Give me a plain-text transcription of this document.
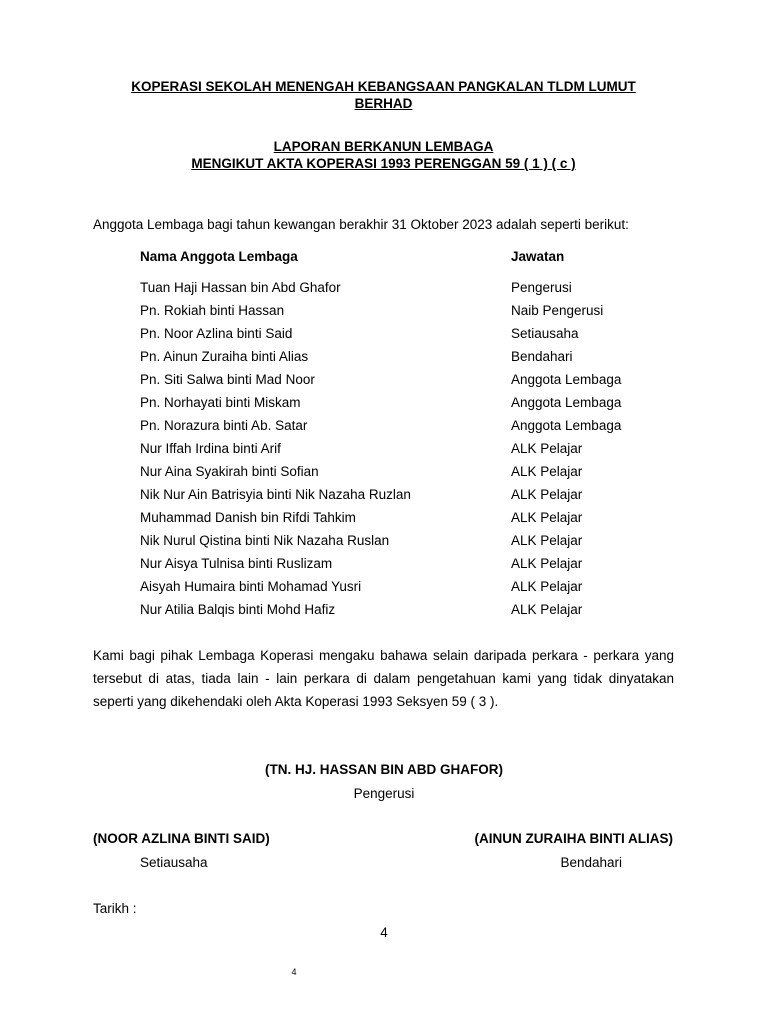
KOPERASI SEKOLAH MENENGAH KEBANGSAAN PANGKALAN TLDM LUMUT
BERHAD
LAPORAN BERKANUN LEMBAGA
MENGIKUT AKTA KOPERASI 1993 PERENGGAN 59 ( 1 ) ( c )

Anggota Lembaga bagi tahun kewangan berakhir 31 Oktober 2023 adalah seperti berikut:

Nama Anggota Lembaga	Jawatan
Tuan Haji Hassan bin Abd Ghafor	Pengerusi
Pn. Rokiah binti Hassan	Naib Pengerusi
Pn. Noor Azlina binti Said	Setiausaha
Pn. Ainun Zuraiha binti Alias	Bendahari
Pn. Siti Salwa binti Mad Noor	Anggota Lembaga
Pn. Norhayati binti Miskam	Anggota Lembaga
Pn. Norazura binti Ab. Satar	Anggota Lembaga
Nur Iffah Irdina binti Arif	ALK Pelajar
Nur Aina Syakirah binti Sofian	ALK Pelajar
Nik Nur Ain Batrisyia binti Nik Nazaha Ruzlan	ALK Pelajar
Muhammad Danish bin Rifdi Tahkim	ALK Pelajar
Nik Nurul Qistina binti Nik Nazaha Ruslan	ALK Pelajar
Nur Aisya Tulnisa binti Ruslizam	ALK Pelajar
Aisyah Humaira binti Mohamad Yusri	ALK Pelajar
Nur Atilia Balqis binti Mohd Hafiz	ALK Pelajar

Kami bagi pihak Lembaga Koperasi mengaku bahawa selain daripada perkara - perkara yang tersebut di atas, tiada lain - lain perkara di dalam pengetahuan kami yang tidak dinyatakan seperti yang dikehendaki oleh Akta Koperasi 1993 Seksyen 59 ( 3 ).

(TN. HJ. HASSAN BIN ABD GHAFOR)

Pengerusi

(NOOR AZLINA BINTI SAID)

Setiausaha

(AINUN ZURAIHA BINTI ALIAS)

Bendahari

Tarikh :

4

4
